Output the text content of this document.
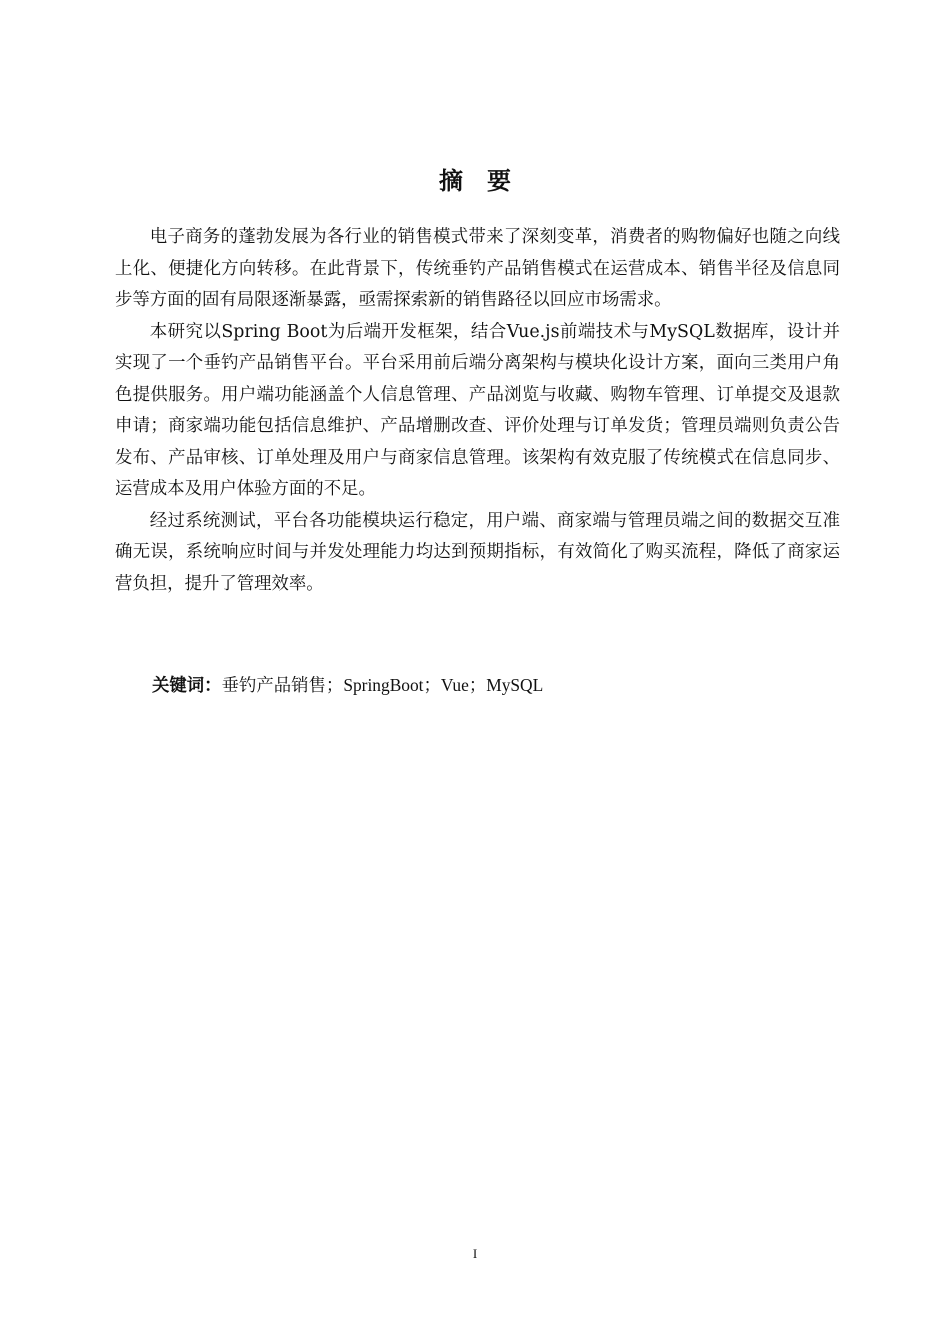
摘要

电子商务的蓬勃发展为各行业的销售模式带来了深刻变革，消费者的购物偏好也随之向线上化、便捷化方向转移。在此背景下，传统垂钓产品销售模式在运营成本、销售半径及信息同步等方面的固有局限逐渐暴露，亟需探索新的销售路径以回应市场需求。

本研究以Spring Boot为后端开发框架，结合Vue.js前端技术与MySQL数据库，设计并实现了一个垂钓产品销售平台。平台采用前后端分离架构与模块化设计方案，面向三类用户角色提供服务。用户端功能涵盖个人信息管理、产品浏览与收藏、购物车管理、订单提交及退款申请；商家端功能包括信息维护、产品增删改查、评价处理与订单发货；管理员端则负责公告发布、产品审核、订单处理及用户与商家信息管理。该架构有效克服了传统模式在信息同步、运营成本及用户体验方面的不足。

经过系统测试，平台各功能模块运行稳定，用户端、商家端与管理员端之间的数据交互准确无误，系统响应时间与并发处理能力均达到预期指标，有效简化了购买流程，降低了商家运营负担，提升了管理效率。

关键词：垂钓产品销售；SpringBoot；Vue；MySQL
I
